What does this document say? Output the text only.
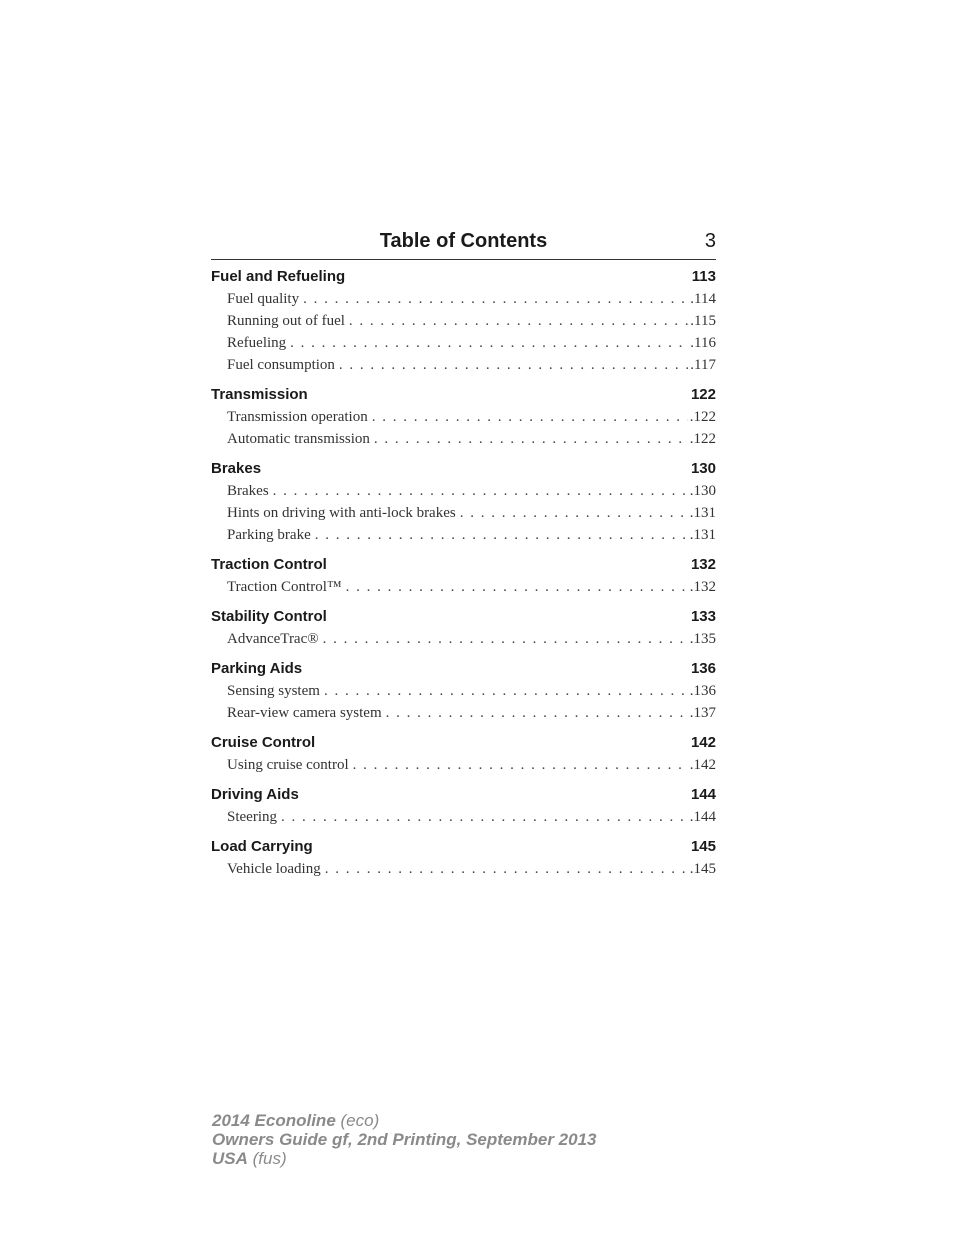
Table of Contents	3
Fuel and Refueling	113
Fuel quality . . .	.114
Running out of fuel . . .	.115
Refueling . . .	.116
Fuel consumption . . .	.117
Transmission	122
Transmission operation . . .	.122
Automatic transmission . . .	.122
Brakes	130
Brakes . . .	.130
Hints on driving with anti-lock brakes . . .	.131
Parking brake . . .	.131
Traction Control	132
Traction Control™ . . .	.132
Stability Control	133
AdvanceTrac® . . .	.135
Parking Aids	136
Sensing system . . .	.136
Rear-view camera system . . .	.137
Cruise Control	142
Using cruise control . . .	.142
Driving Aids	144
Steering . . .	.144
Load Carrying	145
Vehicle loading . . .	.145
2014 Econoline (eco)
Owners Guide gf, 2nd Printing, September 2013
USA (fus)
